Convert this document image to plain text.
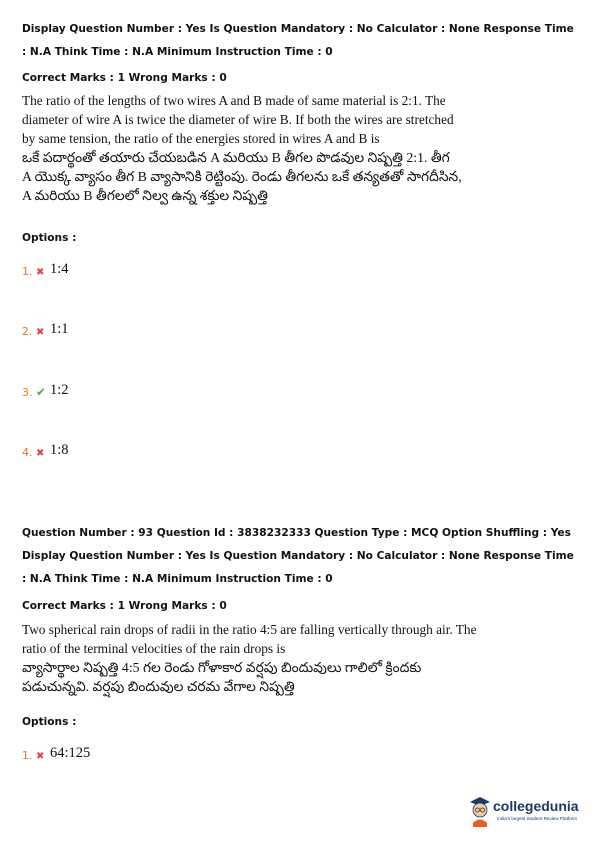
Display Question Number : Yes Is Question Mandatory : No Calculator : None Response Time
: N.A Think Time : N.A Minimum Instruction Time : 0
Correct Marks : 1 Wrong Marks : 0
The ratio of the lengths of two wires A and B made of same material is 2:1. The
diameter of wire A is twice the diameter of wire B. If both the wires are stretched
by same tension, the ratio of the energies stored in wires A and B is
ఒకే పదార్థంతో తయారు చేయబడిన A మరియు B తీగల పొడవుల నిష్పత్తి 2:1. తీగ
A యొక్క వ్యాసం తీగ B వ్యాసానికి రెట్టింపు. రెండు తీగలను ఒకే తన్యతతో సాగదీసిన,
A మరియు B తీగలలో నిల్వ ఉన్న శక్తుల నిష్పత్తి
Options :
1. ✖ 1:4
2. ✖ 1:1
3. ✔ 1:2
4. ✖ 1:8
Question Number : 93 Question Id : 3838232333 Question Type : MCQ Option Shuffling : Yes
Display Question Number : Yes Is Question Mandatory : No Calculator : None Response Time
: N.A Think Time : N.A Minimum Instruction Time : 0
Correct Marks : 1 Wrong Marks : 0
Two spherical rain drops of radii in the ratio 4:5 are falling vertically through air. The
ratio of the terminal velocities of the rain drops is
వ్యాసార్థాల నిష్పత్తి 4:5 గల రెండు గోళాకార వర్షపు బిందువులు గాలిలో క్రిందకు
పడుచున్నవి. వర్షపు బిందువుల చరమ వేగాల నిష్పత్తి
Options :
1. ✖ 64:125
collegedunia
India's largest Student Review Platform
